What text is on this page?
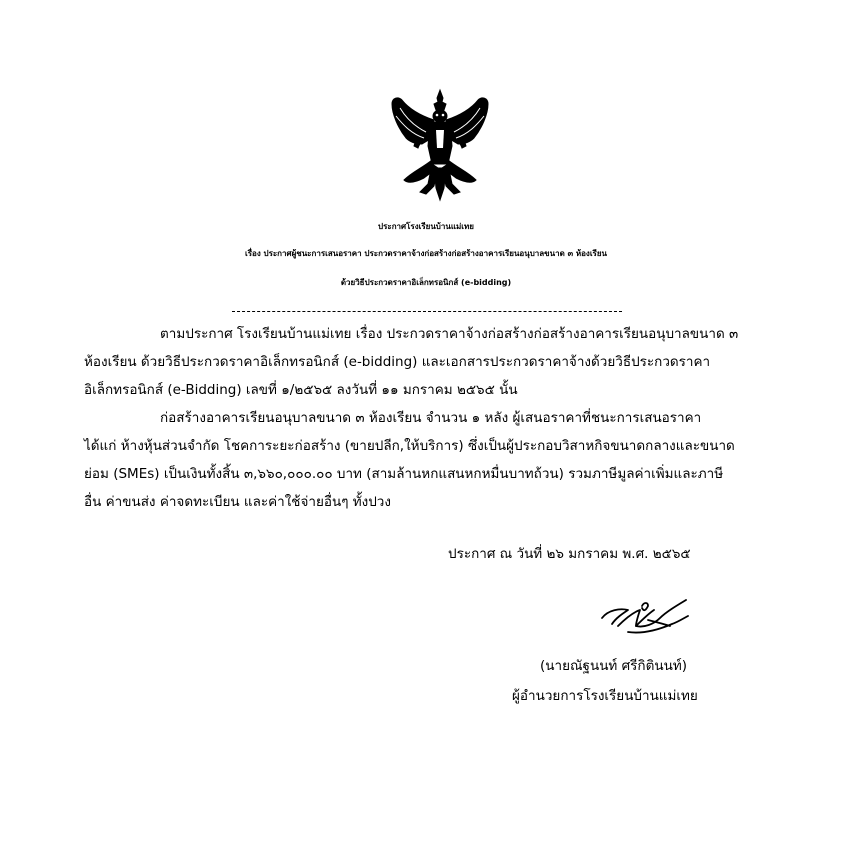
ประกาศโรงเรียนบ้านแม่เทย
เรื่อง ประกาศผู้ชนะการเสนอราคา ประกวดราคาจ้างก่อสร้างก่อสร้างอาคารเรียนอนุบาลขนาด ๓ ห้องเรียน
ด้วยวิธีประกวดราคาอิเล็กทรอนิกส์ (e-bidding)
ตามประกาศ โรงเรียนบ้านแม่เทย เรื่อง ประกวดราคาจ้างก่อสร้างก่อสร้างอาคารเรียนอนุบาลขนาด ๓
ห้องเรียน ด้วยวิธีประกวดราคาอิเล็กทรอนิกส์ (e-bidding) และเอกสารประกวดราคาจ้างด้วยวิธีประกวดราคา
อิเล็กทรอนิกส์ (e-Bidding) เลขที่ ๑/๒๕๖๕ ลงวันที่ ๑๑ มกราคม ๒๕๖๕ นั้น
ก่อสร้างอาคารเรียนอนุบาลขนาด ๓ ห้องเรียน จำนวน ๑ หลัง ผู้เสนอราคาที่ชนะการเสนอราคา
ได้แก่ ห้างหุ้นส่วนจำกัด โชคการะยะก่อสร้าง (ขายปลีก,ให้บริการ) ซึ่งเป็นผู้ประกอบวิสาหกิจขนาดกลางและขนาด
ย่อม (SMEs) เป็นเงินทั้งสิ้น ๓,๖๖๐,๐๐๐.๐๐ บาท (สามล้านหกแสนหกหมื่นบาทถ้วน) รวมภาษีมูลค่าเพิ่มและภาษี
อื่น ค่าขนส่ง ค่าจดทะเบียน และค่าใช้จ่ายอื่นๆ ทั้งปวง
ประกาศ ณ วันที่ ๒๖ มกราคม พ.ศ. ๒๕๖๕
(นายณัฐนนท์ ศรีกิตินนท์)
ผู้อำนวยการโรงเรียนบ้านแม่เทย
